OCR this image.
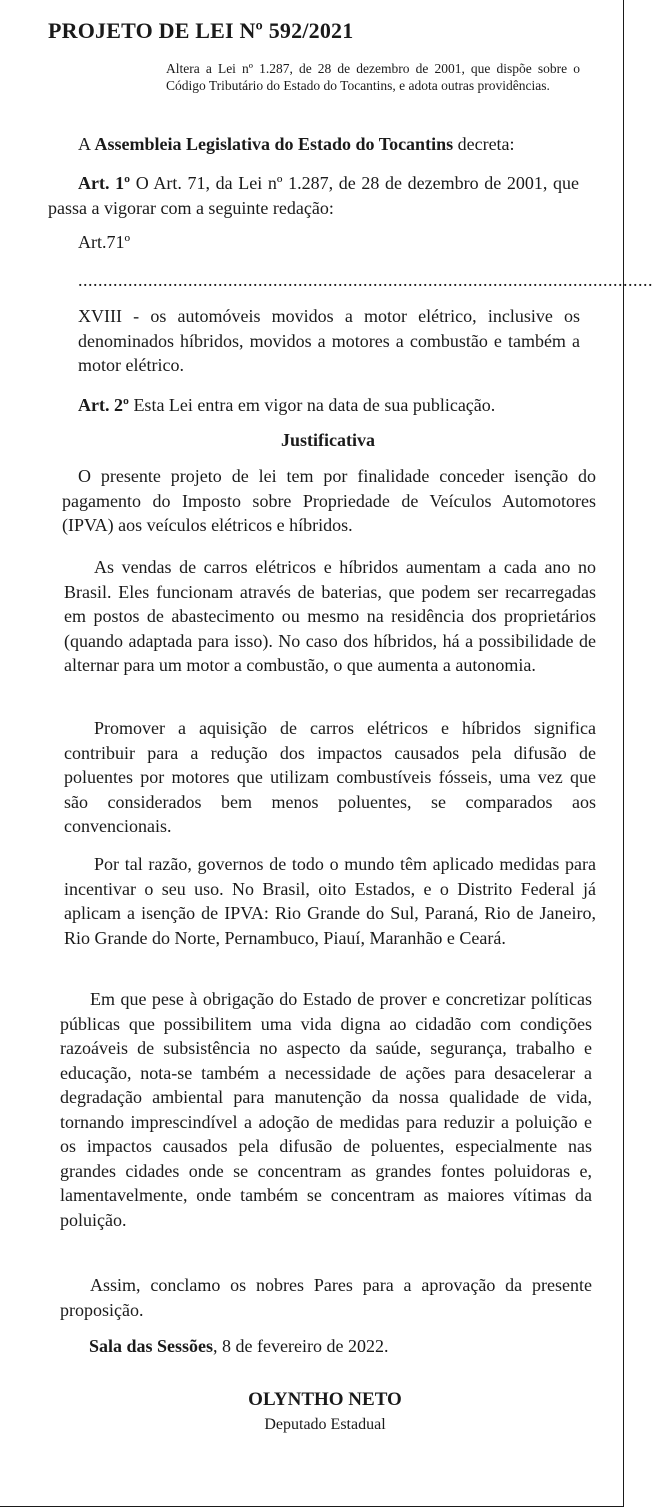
PROJETO DE LEI Nº 592/2021
Altera a Lei nº 1.287, de 28 de dezembro de 2001, que dispõe sobre o Código Tributário do Estado do Tocantins, e adota outras providências.
A Assembleia Legislativa do Estado do Tocantins decreta:
Art. 1º O Art. 71, da Lei nº 1.287, de 28 de dezembro de 2001, que passa a vigorar com a seguinte redação:
Art.71º
...................................................................................................................
XVIII - os automóveis movidos a motor elétrico, inclusive os denominados híbridos, movidos a motores a combustão e também a motor elétrico.
Art. 2º Esta Lei entra em vigor na data de sua publicação.
Justificativa
O presente projeto de lei tem por finalidade conceder isenção do pagamento do Imposto sobre Propriedade de Veículos Automotores (IPVA) aos veículos elétricos e híbridos.
As vendas de carros elétricos e híbridos aumentam a cada ano no Brasil. Eles funcionam através de baterias, que podem ser recarregadas em postos de abastecimento ou mesmo na residência dos proprietários (quando adaptada para isso). No caso dos híbridos, há a possibilidade de alternar para um motor a combustão, o que aumenta a autonomia.
Promover a aquisição de carros elétricos e híbridos significa contribuir para a redução dos impactos causados pela difusão de poluentes por motores que utilizam combustíveis fósseis, uma vez que são considerados bem menos poluentes, se comparados aos convencionais.
Por tal razão, governos de todo o mundo têm aplicado medidas para incentivar o seu uso. No Brasil, oito Estados, e o Distrito Federal já aplicam a isenção de IPVA: Rio Grande do Sul, Paraná, Rio de Janeiro, Rio Grande do Norte, Pernambuco, Piauí, Maranhão e Ceará.
Em que pese à obrigação do Estado de prover e concretizar políticas públicas que possibilitem uma vida digna ao cidadão com condições razoáveis de subsistência no aspecto da saúde, segurança, trabalho e educação, nota-se também a necessidade de ações para desacelerar a degradação ambiental para manutenção da nossa qualidade de vida, tornando imprescindível a adoção de medidas para reduzir a poluição e os impactos causados pela difusão de poluentes, especialmente nas grandes cidades onde se concentram as grandes fontes poluidoras e, lamentavelmente, onde também se concentram as maiores vítimas da poluição.
Assim, conclamo os nobres Pares para a aprovação da presente proposição.
Sala das Sessões, 8 de fevereiro de 2022.
OLYNTHO NETO
Deputado Estadual
